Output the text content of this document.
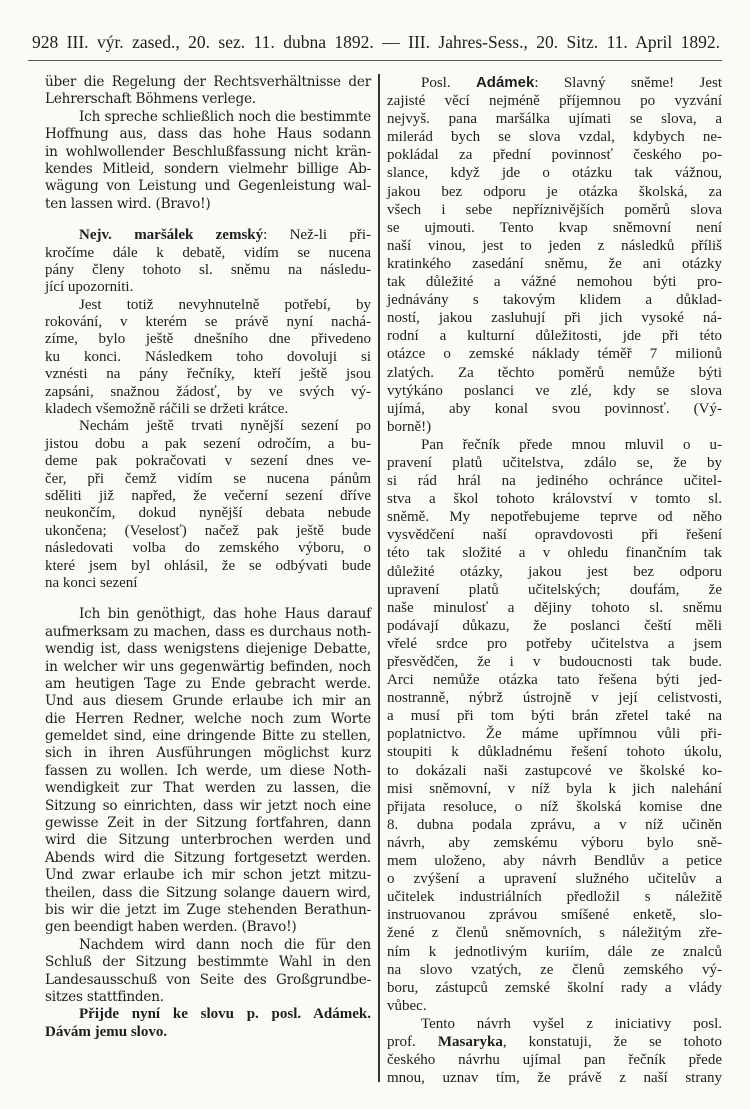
928 III. výr. zased., 20. sez. 11. dubna 1892. — III. Jahres-Sess., 20. Sitz. 11. April 1892.
über die Regelung der Rechtsverhältnisse der
Lehrerschaft Böhmens verlege.
Ich spreche schließlich noch die bestimmte
Hoffnung aus, dass das hohe Haus sodann
in wohlwollender Beschlußfassung nicht krän-
kendes Mitleid, sondern vielmehr billige Ab-
wägung von Leistung und Gegenleistung wal-
ten lassen wird. (Bravo!)
Nejv. maršálek zemský: Než-li při-
kročíme dále k debatě, vidím se nucena
pány členy tohoto sl. sněmu na následu-
jící upozorniti.
Jest totiž nevyhnutelně potřebí, by
rokování, v kterém se právě nyní nachá-
zíme, bylo ještě dnešního dne přivedeno
ku konci. Následkem toho dovoluji si
vznésti na pány řečníky, kteří ještě jsou
zapsáni, snažnou žádosť, by ve svých vý-
kladech všemožně ráčili se držeti krátce.
Nechám ještě trvati nynější sezení po
jistou dobu a pak sezení odročím, a bu-
deme pak pokračovati v sezení dnes ve-
čer, při čemž vidím se nucena pánům
sděliti již napřed, že večerní sezení dříve
neukončím, dokud nynější debata nebude
ukončena; (Veselosť) načež pak ještě bude
následovati volba do zemského výboru, o
které jsem byl ohlásil, že se odbývati bude
na konci sezení
Ich bin genöthigt, das hohe Haus darauf
aufmerksam zu machen, dass es durchaus noth-
wendig ist, dass wenigstens diejenige Debatte,
in welcher wir uns gegenwärtig befinden, noch
am heutigen Tage zu Ende gebracht werde.
Und aus diesem Grunde erlaube ich mir an
die Herren Redner, welche noch zum Worte
gemeldet sind, eine dringende Bitte zu stellen,
sich in ihren Ausführungen möglichst kurz
fassen zu wollen. Ich werde, um diese Noth-
wendigkeit zur That werden zu lassen, die
Sitzung so einrichten, dass wir jetzt noch eine
gewisse Zeit in der Sitzung fortfahren, dann
wird die Sitzung unterbrochen werden und
Abends wird die Sitzung fortgesetzt werden.
Und zwar erlaube ich mir schon jetzt mitzu-
theilen, dass die Sitzung solange dauern wird,
bis wir die jetzt im Zuge stehenden Berathun-
gen beendigt haben werden. (Bravo!)
Nachdem wird dann noch die für den
Schluß der Sitzung bestimmte Wahl in den
Landesausschuß von Seite des Großgrundbe-
sitzes stattfinden.
Přijde nyní ke slovu p. posl. Adámek.
Dávám jemu slovo.
Posl. Adámek: Slavný sněme! Jest
zajisté věcí nejméně příjemnou po vyzvání
nejvyš. pana maršálka ujímati se slova, a
milerád bych se slova vzdal, kdybych ne-
pokládal za přední povinnosť českého po-
slance, když jde o otázku tak vážnou,
jakou bez odporu je otázka školská, za
všech i sebe nepříznivějších poměrů slova
se ujmouti. Tento kvap sněmovní není
naší vinou, jest to jeden z následků příliš
kratinkého zasedání sněmu, že ani otázky
tak důležité a vážné nemohou býti pro-
jednávány s takovým klidem a důklad-
ností, jakou zasluhují při jich vysoké ná-
rodní a kulturní důležitosti, jde při této
otázce o zemské náklady téměř 7 milionů
zlatých. Za těchto poměrů nemůže býti
vytýkáno poslanci ve zlé, kdy se slova
ujímá, aby konal svou povinnosť. (Vý-
borně!)
Pan řečník přede mnou mluvil o u-
pravení platů učitelstva, zdálo se, že by
si rád hrál na jediného ochránce učitel-
stva a škol tohoto království v tomto sl.
sněmě. My nepotřebujeme teprve od něho
vysvědčení naší opravdovosti při řešení
této tak složité a v ohledu finančním tak
důležité otázky, jakou jest bez odporu
upravení platů učitelských; doufám, že
naše minulosť a dějiny tohoto sl. sněmu
podávají důkazu, že poslanci čeští měli
vřelé srdce pro potřeby učitelstva a jsem
přesvědčen, že i v budoucnosti tak bude.
Arci nemůže otázka tato řešena býti jed-
nostranně, nýbrž ústrojně v její celistvosti,
a musí při tom býti brán zřetel také na
poplatnictvo. Že máme upřímnou vůli při-
stoupiti k důkladnému řešení tohoto úkolu,
to dokázali naši zastupcové ve školské ko-
misi sněmovní, v níž byla k jich nalehání
přijata resoluce, o níž školská komise dne
8. dubna podala zprávu, a v níž učiněn
návrh, aby zemskému výboru bylo sně-
mem uloženo, aby návrh Bendlův a petice
o zvýšení a upravení služného učitelův a
učitelek industriálních předložil s náležitě
instruovanou zprávou smíšené enketě, slo-
žené z členů sněmovních, s náležitým zře-
ním k jednotlivým kuriím, dále ze znalců
na slovo vzatých, ze členů zemského vý-
boru, zástupců zemské školní rady a vlády
vůbec.
Tento návrh vyšel z iniciativy posl.
prof. Masaryka, konstatuji, že se tohoto
českého návrhu ujímal pan řečník přede
mnou, uznav tím, že právě z naší strany
